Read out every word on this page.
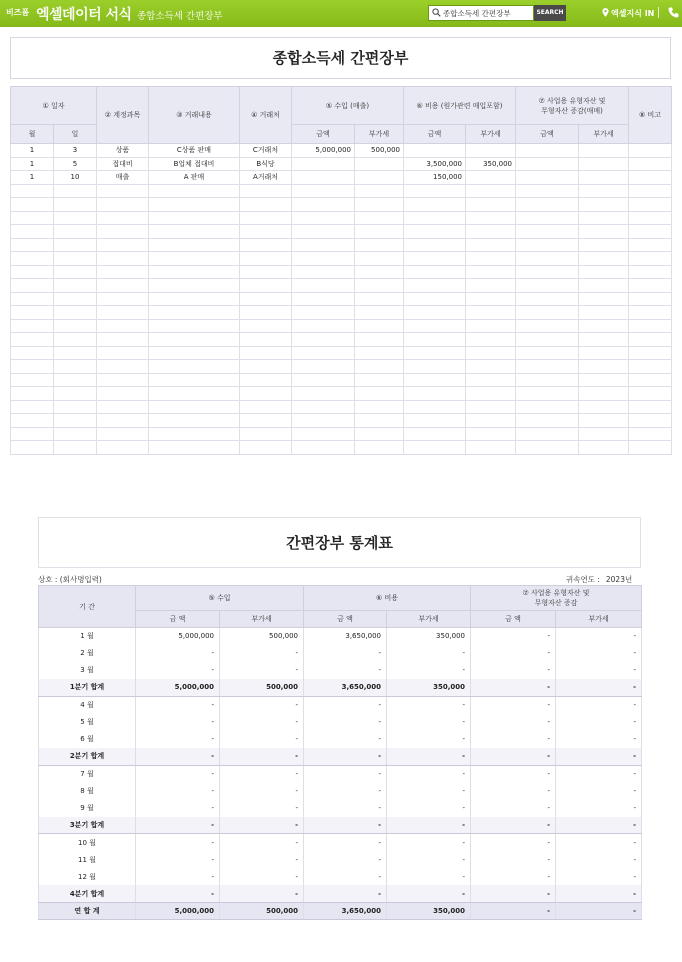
비즈폼 엑셀데이터 서식 종합소득세 간편장부
종합소득세 간편장부	SEARCH	엑셀지식 IN
종합소득세 간편장부
① 일자		② 계정과목	③ 거래내용	④ 거래처	⑤ 수입 (매출)		⑥ 비용 (원가관련 매입포함)		⑦ 사업용 유형자산 및
무형자산 증감(매매)		⑧ 비고
월	일				금액	부가세	금액	부가세	금액	부가세	
1	3	상품	C상품 판매	C거래처	5,000,000	500,000					
1	5	접대비	B업체 접대비	B식당			3,500,000	350,000			
1	10	매출	A 판매	A거래처			150,000				

간편장부 통계표
상호 : (회사명입력)	귀속연도 : 2023년
기 간	⑤ 수입		⑥ 비용		⑦ 사업용 유형자산 및
무형자산 증감	

	금 액	부가세	금 액	부가세	금 액	부가세
1 월	5,000,000	500,000	3,650,000	350,000	-	-
2 월	-	-	-	-	-	-
3 월	-	-	-	-	-	-
1분기 합계	5,000,000	500,000	3,650,000	350,000	-	-
4 월	-	-	-	-	-	-
5 월	-	-	-	-	-	-
6 월	-	-	-	-	-	-
2분기 합계	-	-	-	-	-	-
7 월	-	-	-	-	-	-
8 월	-	-	-	-	-	-
9 월	-	-	-	-	-	-
3분기 합계	-	-	-	-	-	-
10 월	-	-	-	-	-	-
11 월	-	-	-	-	-	-
12 월	-	-	-	-	-	-
4분기 합계	-	-	-	-	-	-
연 합 계	5,000,000	500,000	3,650,000	350,000	-	-
